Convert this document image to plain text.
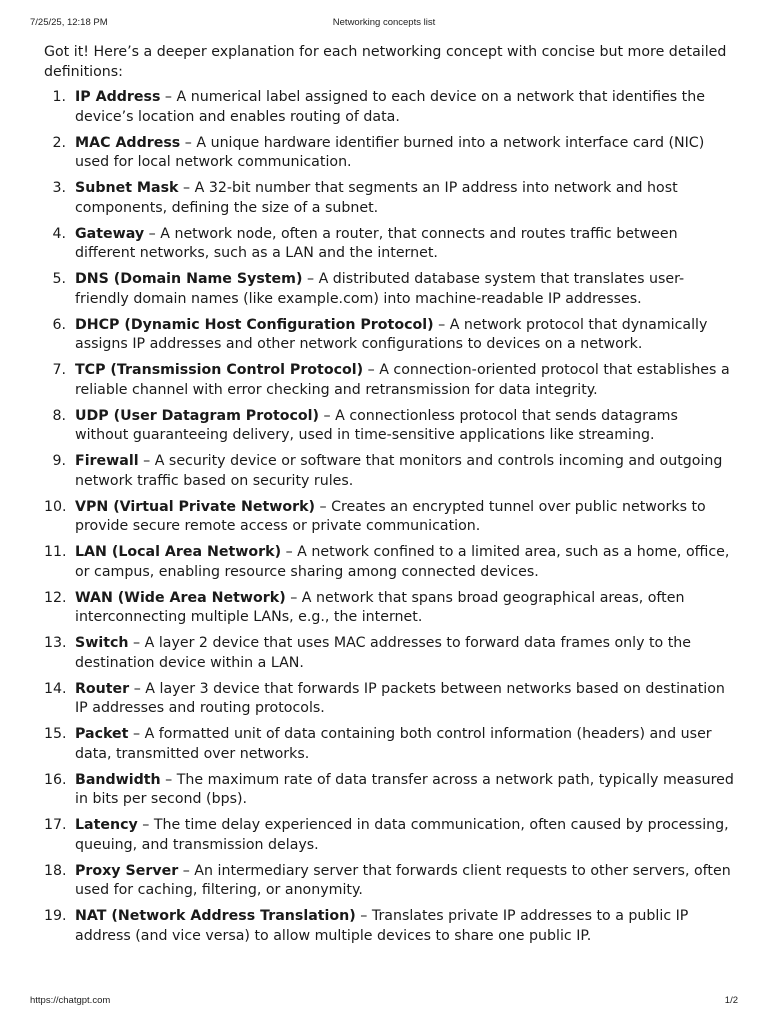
7/25/25, 12:18 PM	Networking concepts list

Got it! Here’s a deeper explanation for each networking concept with concise but more detailed definitions:

1. IP Address – A numerical label assigned to each device on a network that identifies the device’s location and enables routing of data.
2. MAC Address – A unique hardware identifier burned into a network interface card (NIC) used for local network communication.
3. Subnet Mask – A 32-bit number that segments an IP address into network and host components, defining the size of a subnet.
4. Gateway – A network node, often a router, that connects and routes traffic between different networks, such as a LAN and the internet.
5. DNS (Domain Name System) – A distributed database system that translates user-friendly domain names (like example.com) into machine-readable IP addresses.
6. DHCP (Dynamic Host Configuration Protocol) – A network protocol that dynamically assigns IP addresses and other network configurations to devices on a network.
7. TCP (Transmission Control Protocol) – A connection-oriented protocol that establishes a reliable channel with error checking and retransmission for data integrity.
8. UDP (User Datagram Protocol) – A connectionless protocol that sends datagrams without guaranteeing delivery, used in time-sensitive applications like streaming.
9. Firewall – A security device or software that monitors and controls incoming and outgoing network traffic based on security rules.
10. VPN (Virtual Private Network) – Creates an encrypted tunnel over public networks to provide secure remote access or private communication.
11. LAN (Local Area Network) – A network confined to a limited area, such as a home, office, or campus, enabling resource sharing among connected devices.
12. WAN (Wide Area Network) – A network that spans broad geographical areas, often interconnecting multiple LANs, e.g., the internet.
13. Switch – A layer 2 device that uses MAC addresses to forward data frames only to the destination device within a LAN.
14. Router – A layer 3 device that forwards IP packets between networks based on destination IP addresses and routing protocols.
15. Packet – A formatted unit of data containing both control information (headers) and user data, transmitted over networks.
16. Bandwidth – The maximum rate of data transfer across a network path, typically measured in bits per second (bps).
17. Latency – The time delay experienced in data communication, often caused by processing, queuing, and transmission delays.
18. Proxy Server – An intermediary server that forwards client requests to other servers, often used for caching, filtering, or anonymity.
19. NAT (Network Address Translation) – Translates private IP addresses to a public IP address (and vice versa) to allow multiple devices to share one public IP.
https://chatgpt.com	1/2
